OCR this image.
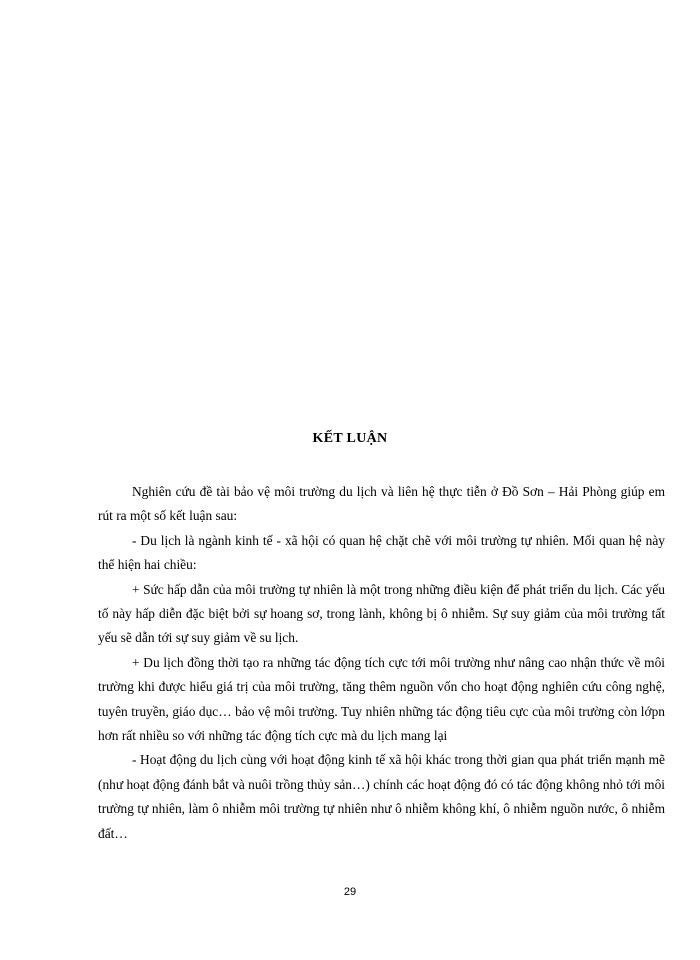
KẾT LUẬN

Nghiên cứu đề tài bảo vệ môi trường du lịch và liên hệ thực tiễn ở Đồ Sơn – Hải Phòng giúp em rút ra một số kết luận sau:

- Du lịch là ngành kinh tế - xã hội có quan hệ chặt chẽ với môi trường tự nhiên. Mối quan hệ này thể hiện hai chiều:

+ Sức hấp dẫn của môi trường tự nhiên là một trong những điều kiện để phát triển du lịch. Các yếu tố này hấp diễn đặc biệt bởi sự hoang sơ, trong lành, không bị ô nhiễm. Sự suy giảm của môi trường tất yếu sẽ dẫn tới sự suy giảm về su lịch.

+ Du lịch đồng thời tạo ra những tác động tích cực tới môi trường như nâng cao nhận thức về môi trường khi được hiểu giá trị của môi trường, tăng thêm nguồn vốn cho hoạt động nghiên cứu công nghệ, tuyên truyền, giáo dục… bảo vệ môi trường. Tuy nhiên những tác động tiêu cực của môi trường còn lớpn hơn rất nhiều so với những tác động tích cực mà du lịch mang lại

- Hoạt động du lịch cùng với hoạt động kinh tế xã hội khác trong thời gian qua phát triển mạnh mẽ (như hoạt động đánh bắt và nuôi trồng thủy sản…) chính các hoạt động đó có tác động không nhỏ tới môi trường tự nhiên, làm ô nhiễm môi trường tự nhiên như ô nhiễm không khí, ô nhiễm nguồn nước, ô nhiễm đất…

29
